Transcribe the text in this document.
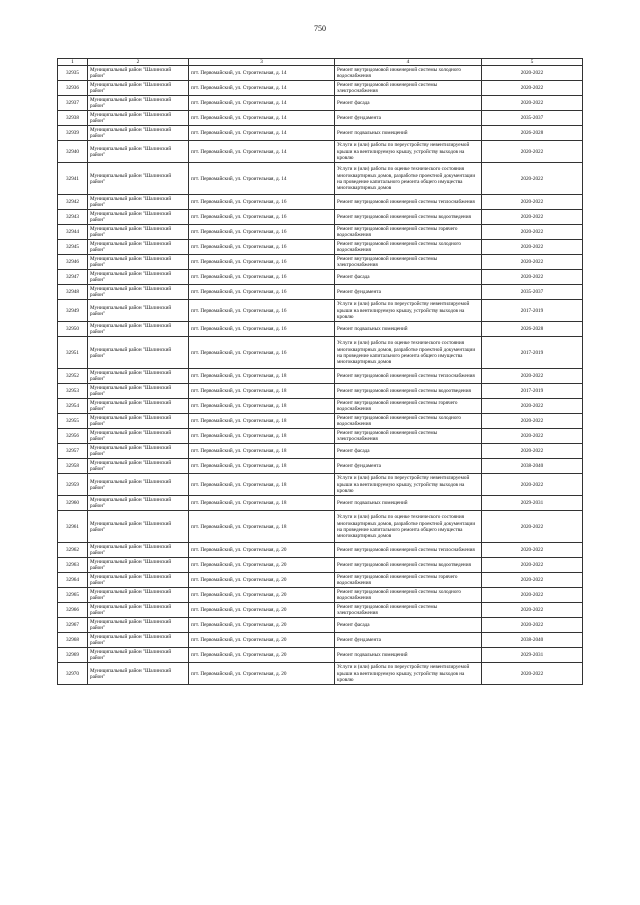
750
1	2	3	4	5
32935	Муниципальный район "Шалинский район"	пгт. Первомайский, ул. Строительная, д. 14	Ремонт внутридомовой инженерной системы холодного водоснабжения	2020-2022
32936	Муниципальный район "Шалинский район"	пгт. Первомайский, ул. Строительная, д. 14	Ремонт внутридомовой инженерной системы электроснабжения	2020-2022
32937	Муниципальный район "Шалинский район"	пгт. Первомайский, ул. Строительная, д. 14	Ремонт фасада	2020-2022
32938	Муниципальный район "Шалинский район"	пгт. Первомайский, ул. Строительная, д. 14	Ремонт фундамента	2035-2037
32939	Муниципальный район "Шалинский район"	пгт. Первомайский, ул. Строительная, д. 14	Ремонт подвальных помещений	2026-2028
32940	Муниципальный район "Шалинский район"	пгт. Первомайский, ул. Строительная, д. 14	Услуги и (или) работы по переустройству невентилируемой крыши на вентилируемую крышу, устройству выходов на кровлю	2020-2022
32941	Муниципальный район "Шалинский район"	пгт. Первомайский, ул. Строительная, д. 14	Услуги и (или) работы по оценке технического состояния многоквартирных домов, разработке проектной документации на проведение капитального ремонта общего имущества многоквартирных домов	2020-2022
32942	Муниципальный район "Шалинский район"	пгт. Первомайский, ул. Строительная, д. 16	Ремонт внутридомовой инженерной системы теплоснабжения	2020-2022
32943	Муниципальный район "Шалинский район"	пгт. Первомайский, ул. Строительная, д. 16	Ремонт внутридомовой инженерной системы водоотведения	2020-2022
32944	Муниципальный район "Шалинский район"	пгт. Первомайский, ул. Строительная, д. 16	Ремонт внутридомовой инженерной системы горячего водоснабжения	2020-2022
32945	Муниципальный район "Шалинский район"	пгт. Первомайский, ул. Строительная, д. 16	Ремонт внутридомовой инженерной системы холодного водоснабжения	2020-2022
32946	Муниципальный район "Шалинский район"	пгт. Первомайский, ул. Строительная, д. 16	Ремонт внутридомовой инженерной системы электроснабжения	2020-2022
32947	Муниципальный район "Шалинский район"	пгт. Первомайский, ул. Строительная, д. 16	Ремонт фасада	2020-2022
32948	Муниципальный район "Шалинский район"	пгт. Первомайский, ул. Строительная, д. 16	Ремонт фундамента	2035-2037
32949	Муниципальный район "Шалинский район"	пгт. Первомайский, ул. Строительная, д. 16	Услуги и (или) работы по переустройству невентилируемой крыши на вентилируемую крышу, устройству выходов на кровлю	2017-2019
32950	Муниципальный район "Шалинский район"	пгт. Первомайский, ул. Строительная, д. 16	Ремонт подвальных помещений	2026-2028
32951	Муниципальный район "Шалинский район"	пгт. Первомайский, ул. Строительная, д. 16	Услуги и (или) работы по оценке технического состояния многоквартирных домов, разработке проектной документации на проведение капитального ремонта общего имущества многоквартирных домов	2017-2019
32952	Муниципальный район "Шалинский район"	пгт. Первомайский, ул. Строительная, д. 18	Ремонт внутридомовой инженерной системы теплоснабжения	2020-2022
32953	Муниципальный район "Шалинский район"	пгт. Первомайский, ул. Строительная, д. 18	Ремонт внутридомовой инженерной системы водоотведения	2017-2019
32954	Муниципальный район "Шалинский район"	пгт. Первомайский, ул. Строительная, д. 18	Ремонт внутридомовой инженерной системы горячего водоснабжения	2020-2022
32955	Муниципальный район "Шалинский район"	пгт. Первомайский, ул. Строительная, д. 18	Ремонт внутридомовой инженерной системы холодного водоснабжения	2020-2022
32956	Муниципальный район "Шалинский район"	пгт. Первомайский, ул. Строительная, д. 18	Ремонт внутридомовой инженерной системы электроснабжения	2020-2022
32957	Муниципальный район "Шалинский район"	пгт. Первомайский, ул. Строительная, д. 18	Ремонт фасада	2020-2022
32958	Муниципальный район "Шалинский район"	пгт. Первомайский, ул. Строительная, д. 18	Ремонт фундамента	2038-2040
32959	Муниципальный район "Шалинский район"	пгт. Первомайский, ул. Строительная, д. 18	Услуги и (или) работы по переустройству невентилируемой крыши на вентилируемую крышу, устройству выходов на кровлю	2020-2022
32960	Муниципальный район "Шалинский район"	пгт. Первомайский, ул. Строительная, д. 18	Ремонт подвальных помещений	2029-2031
32961	Муниципальный район "Шалинский район"	пгт. Первомайский, ул. Строительная, д. 18	Услуги и (или) работы по оценке технического состояния многоквартирных домов, разработке проектной документации на проведение капитального ремонта общего имущества многоквартирных домов	2020-2022
32962	Муниципальный район "Шалинский район"	пгт. Первомайский, ул. Строительная, д. 20	Ремонт внутридомовой инженерной системы теплоснабжения	2020-2022
32963	Муниципальный район "Шалинский район"	пгт. Первомайский, ул. Строительная, д. 20	Ремонт внутридомовой инженерной системы водоотведения	2020-2022
32964	Муниципальный район "Шалинский район"	пгт. Первомайский, ул. Строительная, д. 20	Ремонт внутридомовой инженерной системы горячего водоснабжения	2020-2022
32965	Муниципальный район "Шалинский район"	пгт. Первомайский, ул. Строительная, д. 20	Ремонт внутридомовой инженерной системы холодного водоснабжения	2020-2022
32966	Муниципальный район "Шалинский район"	пгт. Первомайский, ул. Строительная, д. 20	Ремонт внутридомовой инженерной системы электроснабжения	2020-2022
32967	Муниципальный район "Шалинский район"	пгт. Первомайский, ул. Строительная, д. 20	Ремонт фасада	2020-2022
32968	Муниципальный район "Шалинский район"	пгт. Первомайский, ул. Строительная, д. 20	Ремонт фундамента	2038-2040
32969	Муниципальный район "Шалинский район"	пгт. Первомайский, ул. Строительная, д. 20	Ремонт подвальных помещений	2029-2031
32970	Муниципальный район "Шалинский район"	пгт. Первомайский, ул. Строительная, д. 20	Услуги и (или) работы по переустройству невентилируемой крыши на вентилируемую крышу, устройству выходов на кровлю	2020-2022
